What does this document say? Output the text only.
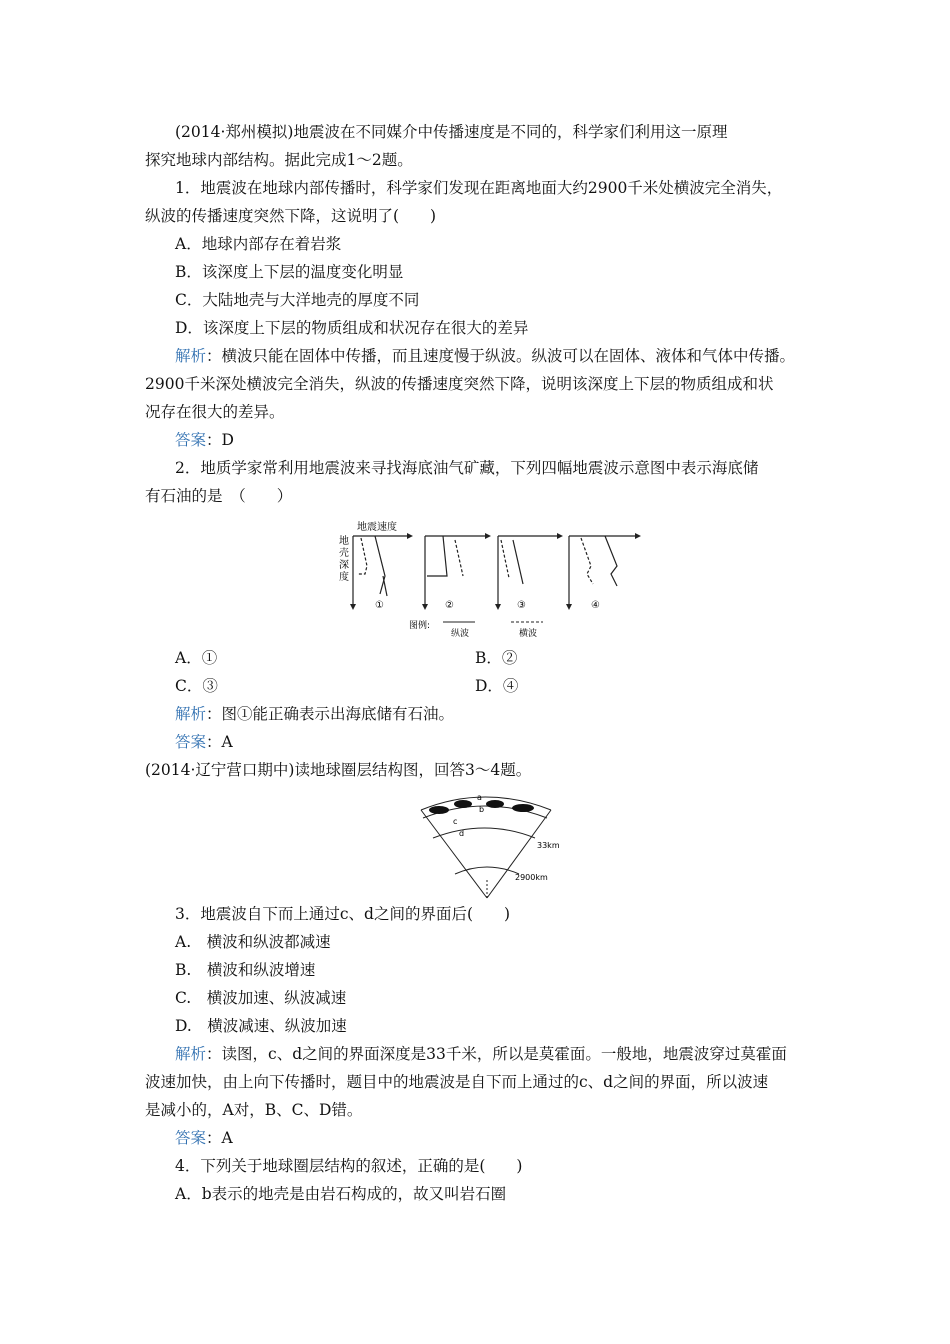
(2014·郑州模拟)地震波在不同媒介中传播速度是不同的，科学家们利用这一原理
探究地球内部结构。据此完成1～2题。
1．地震波在地球内部传播时，科学家们发现在距离地面大约2900千米处横波完全消失，
纵波的传播速度突然下降，这说明了(　　)
A．地球内部存在着岩浆
B．该深度上下层的温度变化明显
C．大陆地壳与大洋地壳的厚度不同
D．该深度上下层的物质组成和状况存在很大的差异
解析：横波只能在固体中传播，而且速度慢于纵波。纵波可以在固体、液体和气体中传播。
2900千米深处横波完全消失，纵波的传播速度突然下降，说明该深度上下层的物质组成和状
况存在很大的差异。
答案：D
2．地质学家常利用地震波来寻找海底油气矿藏，下列四幅地震波示意图中表示海底储
有石油的是　（　　）
地震速度
地
壳
深
度
①	②	③	④
图例:
纵波	横波
A．①	B．②
C．③	D．④
解析：图①能正确表示出海底储有石油。
答案：A
(2014·辽宁营口期中)读地球圈层结构图，回答3～4题。
a
b
c
d
33km
2900km
3．地震波自下而上通过c、d之间的界面后(　　)
A.　横波和纵波都减速
B.　横波和纵波增速
C.　横波加速、纵波减速
D.　横波减速、纵波加速
解析：读图，c、d之间的界面深度是33千米，所以是莫霍面。一般地，地震波穿过莫霍面
波速加快，由上向下传播时，题目中的地震波是自下而上通过的c、d之间的界面，所以波速
是减小的，A对，B、C、D错。
答案：A
4．下列关于地球圈层结构的叙述，正确的是(　　)
A．b表示的地壳是由岩石构成的，故又叫岩石圈
